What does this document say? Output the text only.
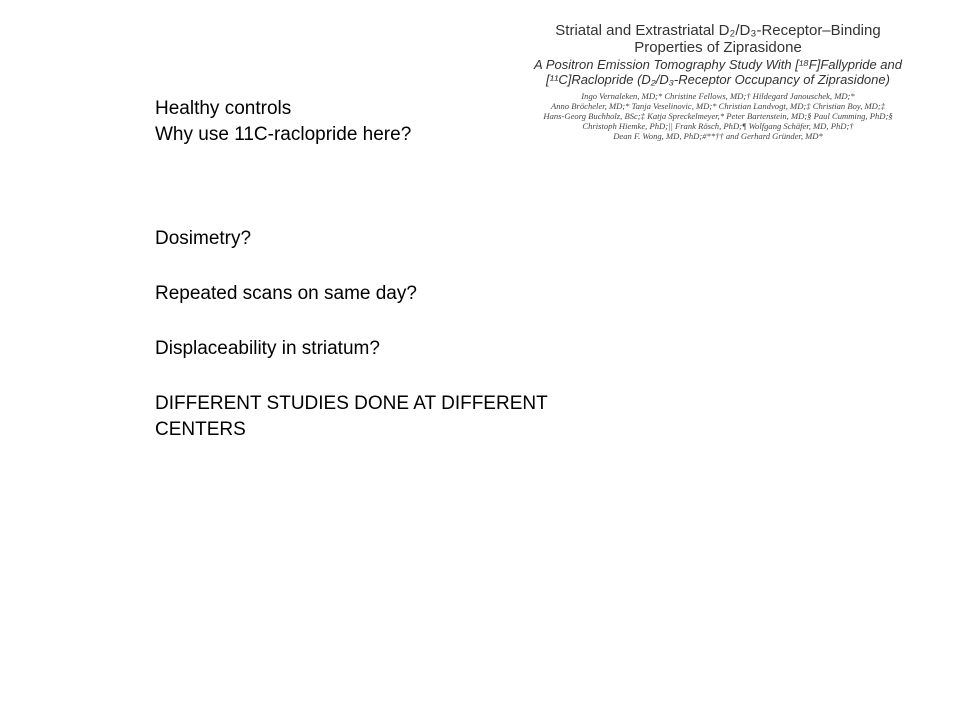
Striatal and Extrastriatal D₂/D₃-Receptor–Binding
Properties of Ziprasidone

A Positron Emission Tomography Study With [¹⁸F]Fallypride and
[¹¹C]Raclopride (D₂/D₃-Receptor Occupancy of Ziprasidone)

Ingo Vernaleken, MD;* Christine Fellows, MD;† Hildegard Janouschek, MD;*
Anno Bröcheler, MD;* Tanja Veselinovic, MD;* Christian Landvogt, MD;‡ Christian Boy, MD;‡
Hans-Georg Buchholz, BSc;‡ Katja Spreckelmeyer,* Peter Bartenstein, MD;§ Paul Cumming, PhD;§
Christoph Hiemke, PhD;|| Frank Rösch, PhD;¶ Wolfgang Schäfer, MD, PhD;†
Dean F. Wong, MD, PhD;#**†† and Gerhard Gründer, MD*

Healthy controls
Why use 11C-raclopride here?
Dosimetry?
Repeated scans on same day?
Displaceability in striatum?
DIFFERENT STUDIES DONE AT DIFFERENT
CENTERS
